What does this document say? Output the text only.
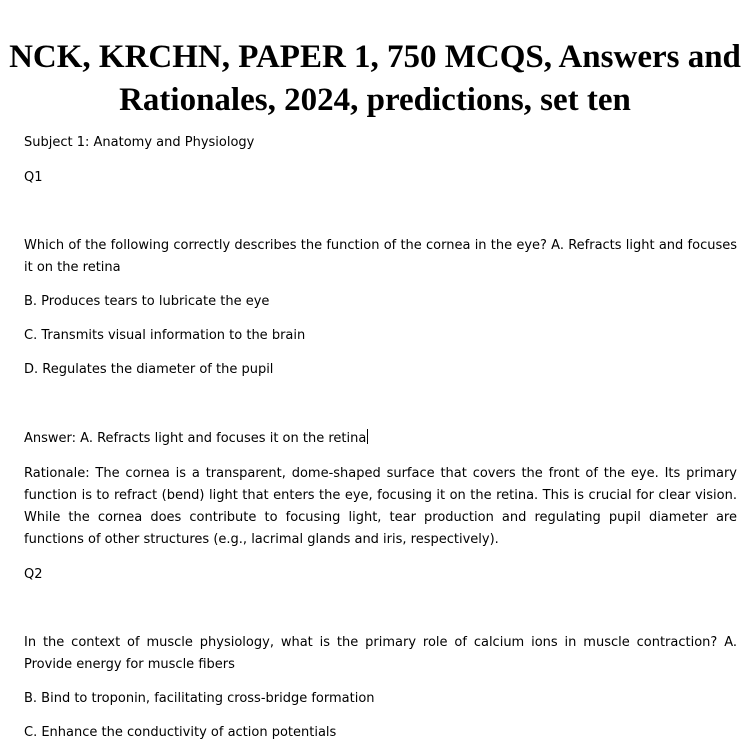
NCK, KRCHN, PAPER 1, 750 MCQS, Answers and Rationales, 2024, predictions, set ten

Subject 1: Anatomy and Physiology

Q1

Which of the following correctly describes the function of the cornea in the eye? A. Refracts light and focuses it on the retina

B. Produces tears to lubricate the eye

C. Transmits visual information to the brain

D. Regulates the diameter of the pupil

Answer: A. Refracts light and focuses it on the retina

Rationale: The cornea is a transparent, dome-shaped surface that covers the front of the eye. Its primary function is to refract (bend) light that enters the eye, focusing it on the retina. This is crucial for clear vision. While the cornea does contribute to focusing light, tear production and regulating pupil diameter are functions of other structures (e.g., lacrimal glands and iris, respectively).

Q2

In the context of muscle physiology, what is the primary role of calcium ions in muscle contraction? A. Provide energy for muscle fibers

B. Bind to troponin, facilitating cross-bridge formation

C. Enhance the conductivity of action potentials
